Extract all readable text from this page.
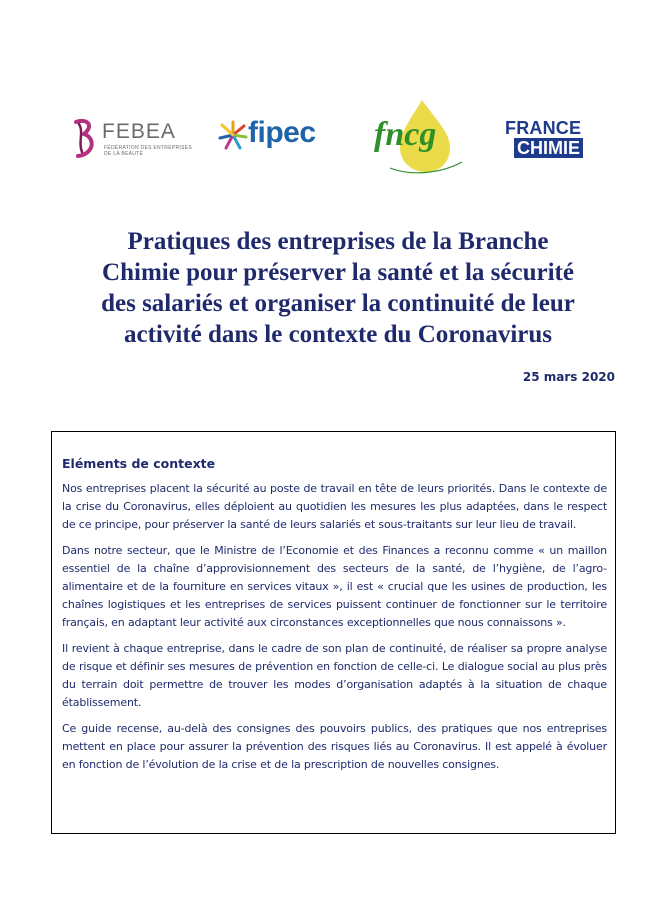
FEBEA
FÉDÉRATION DES ENTREPRISES DE LA BEAUTÉ
fipec fncg	FRANCE
CHIMIE
Pratiques des entreprises de la Branche
Chimie pour préserver la santé et la sécurité
des salariés et organiser la continuité de leur
activité dans le contexte du Coronavirus
25 mars 2020
Eléments de contexte

Nos entreprises placent la sécurité au poste de travail en tête de leurs priorités. Dans le contexte de la crise du Coronavirus, elles déploient au quotidien les mesures les plus adaptées, dans le respect de ce principe, pour préserver la santé de leurs salariés et sous-traitants sur leur lieu de travail.

Dans notre secteur, que le Ministre de l’Economie et des Finances a reconnu comme « un maillon essentiel de la chaîne d’approvisionnement des secteurs de la santé, de l’hygiène, de l’agro-alimentaire et de la fourniture en services vitaux », il est « crucial que les usines de production, les chaînes logistiques et les entreprises de services puissent continuer de fonctionner sur le territoire français, en adaptant leur activité aux circonstances exceptionnelles que nous connaissons ».

Il revient à chaque entreprise, dans le cadre de son plan de continuité, de réaliser sa propre analyse de risque et définir ses mesures de prévention en fonction de celle-ci. Le dialogue social au plus près du terrain doit permettre de trouver les modes d’organisation adaptés à la situation de chaque établissement.

Ce guide recense, au-delà des consignes des pouvoirs publics, des pratiques que nos entreprises mettent en place pour assurer la prévention des risques liés au Coronavirus. Il est appelé à évoluer en fonction de l’évolution de la crise et de la prescription de nouvelles consignes.
